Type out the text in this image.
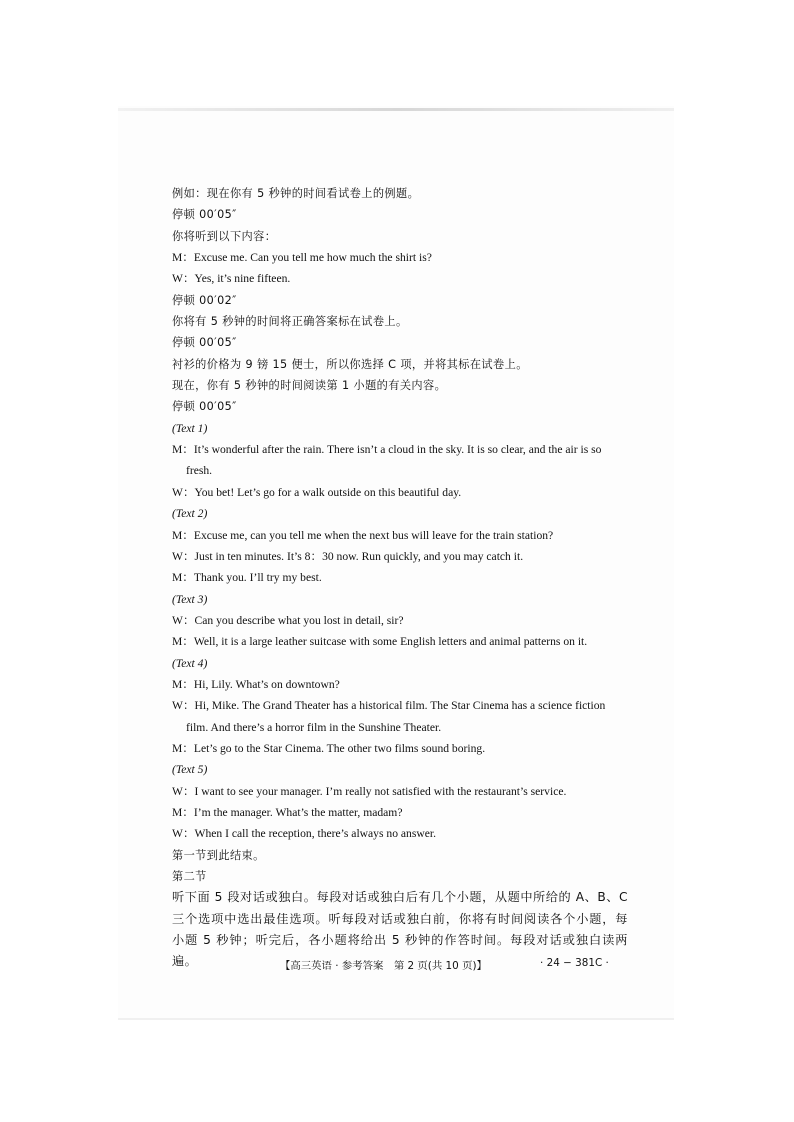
例如：现在你有 5 秒钟的时间看试卷上的例题。
停顿 00′05″
你将听到以下内容：
M：Excuse me. Can you tell me how much the shirt is?
W：Yes, it’s nine fifteen.
停顿 00′02″
你将有 5 秒钟的时间将正确答案标在试卷上。
停顿 00′05″
衬衫的价格为 9 镑 15 便士，所以你选择 C 项，并将其标在试卷上。
现在，你有 5 秒钟的时间阅读第 1 小题的有关内容。
停顿 00′05″
(Text 1)
M：It’s wonderful after the rain. There isn’t a cloud in the sky. It is so clear, and the air is so
fresh.
W：You bet! Let’s go for a walk outside on this beautiful day.
(Text 2)
M：Excuse me, can you tell me when the next bus will leave for the train station?
W：Just in ten minutes. It’s 8：30 now. Run quickly, and you may catch it.
M：Thank you. I’ll try my best.
(Text 3)
W：Can you describe what you lost in detail, sir?
M：Well, it is a large leather suitcase with some English letters and animal patterns on it.
(Text 4)
M：Hi, Lily. What’s on downtown?
W：Hi, Mike. The Grand Theater has a historical film. The Star Cinema has a science fiction
film. And there’s a horror film in the Sunshine Theater.
M：Let’s go to the Star Cinema. The other two films sound boring.
(Text 5)
W：I want to see your manager. I’m really not satisfied with the restaurant’s service.
M：I’m the manager. What’s the matter, madam?
W：When I call the reception, there’s always no answer.
第一节到此结束。
第二节
听下面 5 段对话或独白。每段对话或独白后有几个小题，从题中所给的 A、B、C 三个选项中选出最佳选项。听每段对话或独白前，你将有时间阅读各个小题，每小题 5 秒钟；听完后，各小题将给出 5 秒钟的作答时间。每段对话或独白读两遍。	【高三英语 · 参考答案　第 2 页(共 10 页)】	· 24 − 381C ·
